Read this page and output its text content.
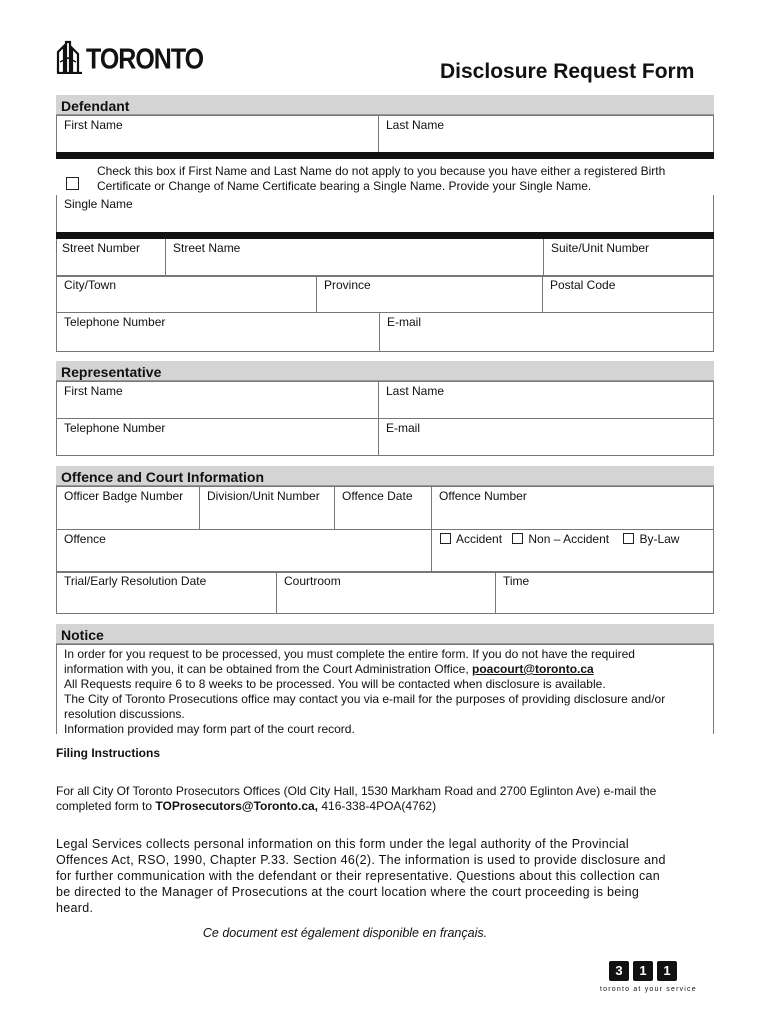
TORONTO	Disclosure Request Form
Defendant
First Name	Last Name
Check this box if First Name and Last Name do not apply to you because you have either a registered Birth
Certificate or Change of Name Certificate bearing a Single Name. Provide your Single Name.
Single Name
Street Number	Street Name	Suite/Unit Number
City/Town	Province	Postal Code
Telephone Number	E-mail
Representative
First Name	Last Name
Telephone Number	E-mail
Offence and Court Information
Officer Badge Number	Division/Unit Number	Offence Date	Offence Number
Offence	Accident Non – Accident	By-Law
Trial/Early Resolution Date	Courtroom	Time
Notice
In order for you request to be processed, you must complete the entire form. If you do not have the required
information with you, it can be obtained from the Court Administration Office, poacourt@toronto.ca
All Requests require 6 to 8 weeks to be processed. You will be contacted when disclosure is available.
The City of Toronto Prosecutions office may contact you via e-mail for the purposes of providing disclosure and/or
resolution discussions.
Information provided may form part of the court record.
Filing Instructions
For all City Of Toronto Prosecutors Offices (Old City Hall, 1530 Markham Road and 2700 Eglinton Ave) e-mail the
completed form to TOProsecutors@Toronto.ca, 416-338-4POA(4762)
Legal Services collects personal information on this form under the legal authority of the Provincial
Offences Act, RSO, 1990, Chapter P.33. Section 46(2). The information is used to provide disclosure and
for further communication with the defendant or their representative. Questions about this collection can
be directed to the Manager of Prosecutions at the court location where the court proceeding is being
heard.
Ce document est également disponible en français.
3	1	1
toronto at your service
